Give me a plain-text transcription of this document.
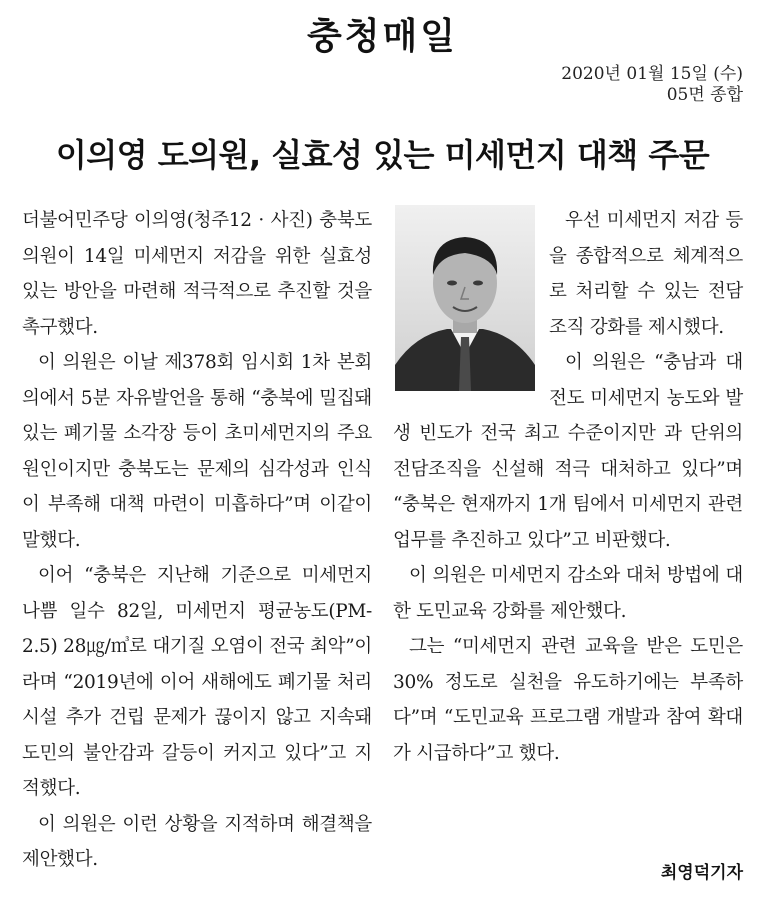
충청매일
2020년 01월 15일 (수)
05면 종합
이의영 도의원, 실효성 있는 미세먼지 대책 주문

더불어민주당 이의영(청주12 · 사진) 충북도의원이 14일 미세먼지 저감을 위한 실효성 있는 방안을 마련해 적극적으로 추진할 것을 촉구했다.

이 의원은 이날 제378회 임시회 1차 본회의에서 5분 자유발언을 통해 “충북에 밀집돼 있는 폐기물 소각장 등이 초미세먼지의 주요 원인이지만 충북도는 문제의 심각성과 인식이 부족해 대책 마련이 미흡하다”며 이같이 말했다.

이어 “충북은 지난해 기준으로 미세먼지 나쁨 일수 82일, 미세먼지 평균농도(PM-2.5) 28㎍/㎥로 대기질 오염이 전국 최악”이라며 “2019년에 이어 새해에도 폐기물 처리시설 추가 건립 문제가 끊이지 않고 지속돼 도민의 불안감과 갈등이 커지고 있다”고 지적했다.

이 의원은 이런 상황을 지적하며 해결책을 제안했다.

우선 미세먼지 저감 등을 종합적으로 체계적으로 처리할 수 있는 전담조직 강화를 제시했다.

이 의원은 “충남과 대전도 미세먼지 농도와 발생 빈도가 전국 최고 수준이지만 과 단위의 전담조직을 신설해 적극 대처하고 있다”며 “충북은 현재까지 1개 팀에서 미세먼지 관련 업무를 추진하고 있다”고 비판했다.

이 의원은 미세먼지 감소와 대처 방법에 대한 도민교육 강화를 제안했다.

그는 “미세먼지 관련 교육을 받은 도민은 30% 정도로 실천을 유도하기에는 부족하다”며 “도민교육 프로그램 개발과 참여 확대가 시급하다”고 했다.

최영덕기자
